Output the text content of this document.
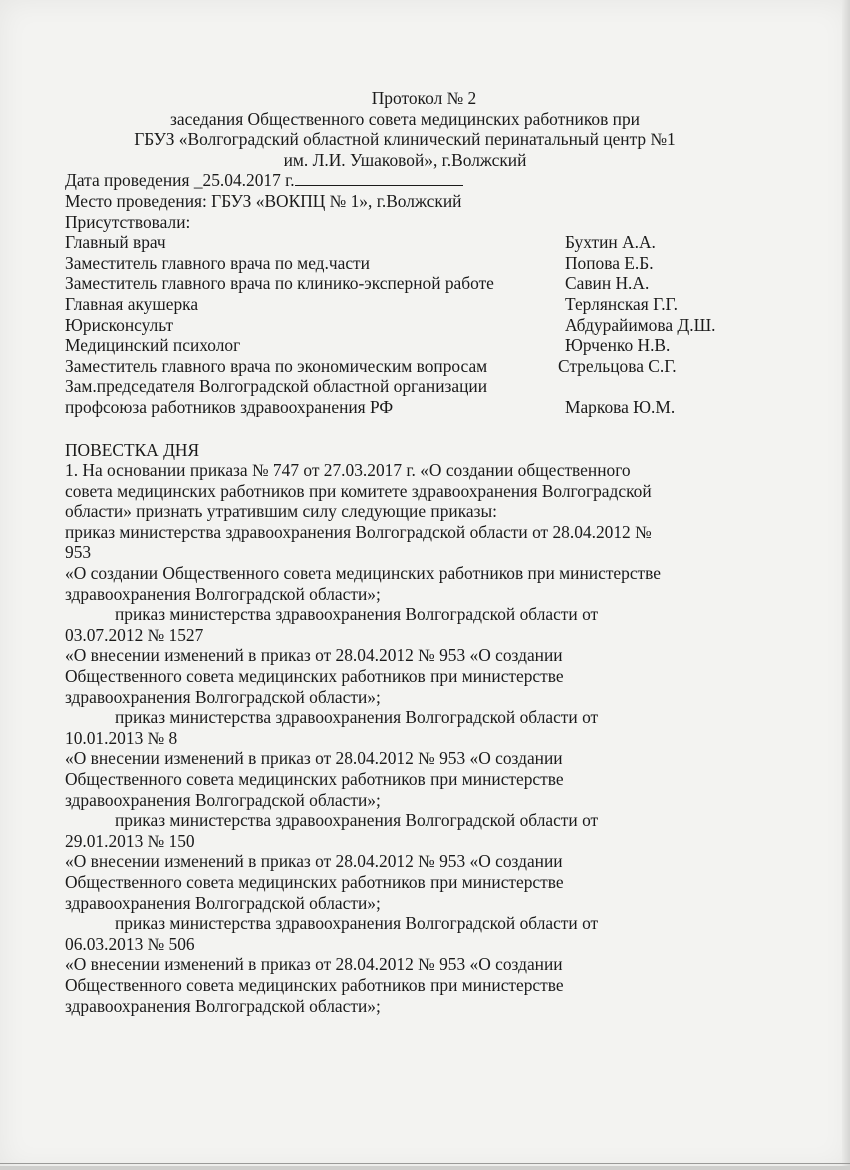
Протокол № 2
заседания Общественного совета медицинских работников при
ГБУЗ «Волгоградский областной клинический перинатальный центр №1
им. Л.И. Ушаковой», г.Волжский
Дата проведения _25.04.2017 г.
Место проведения: ГБУЗ «ВОКПЦ № 1», г.Волжский
Присутствовали:
Главный врач	Бухтин А.А.
Заместитель главного врача по мед.части	Попова Е.Б.
Заместитель главного врача по клинико-эксперной работе	Савин Н.А.
Главная акушерка	Терлянская Г.Г.
Юрисконсульт	Абдурайимова Д.Ш.
Медицинский психолог	Юрченко Н.В.
Заместитель главного врача по экономическим вопросам	Стрельцова С.Г.
Зам.председателя Волгоградской областной организации
профсоюза работников здравоохранения РФ	Маркова Ю.М.
ПОВЕСТКА ДНЯ
1. На основании приказа № 747 от 27.03.2017 г. «О создании общественного
совета медицинских работников при комитете здравоохранения Волгоградской
области» признать утратившим силу следующие приказы:
приказ министерства здравоохранения Волгоградской области от 28.04.2012 №
953
«О создании Общественного совета медицинских работников при министерстве
здравоохранения Волгоградской области»;
приказ министерства здравоохранения Волгоградской области от
03.07.2012 № 1527
«О внесении изменений в приказ от 28.04.2012 № 953 «О создании
Общественного совета медицинских работников при министерстве
здравоохранения Волгоградской области»;
приказ министерства здравоохранения Волгоградской области от
10.01.2013 № 8
«О внесении изменений в приказ от 28.04.2012 № 953 «О создании
Общественного совета медицинских работников при министерстве
здравоохранения Волгоградской области»;
приказ министерства здравоохранения Волгоградской области от
29.01.2013 № 150
«О внесении изменений в приказ от 28.04.2012 № 953 «О создании
Общественного совета медицинских работников при министерстве
здравоохранения Волгоградской области»;
приказ министерства здравоохранения Волгоградской области от
06.03.2013 № 506
«О внесении изменений в приказ от 28.04.2012 № 953 «О создании
Общественного совета медицинских работников при министерстве
здравоохранения Волгоградской области»;
